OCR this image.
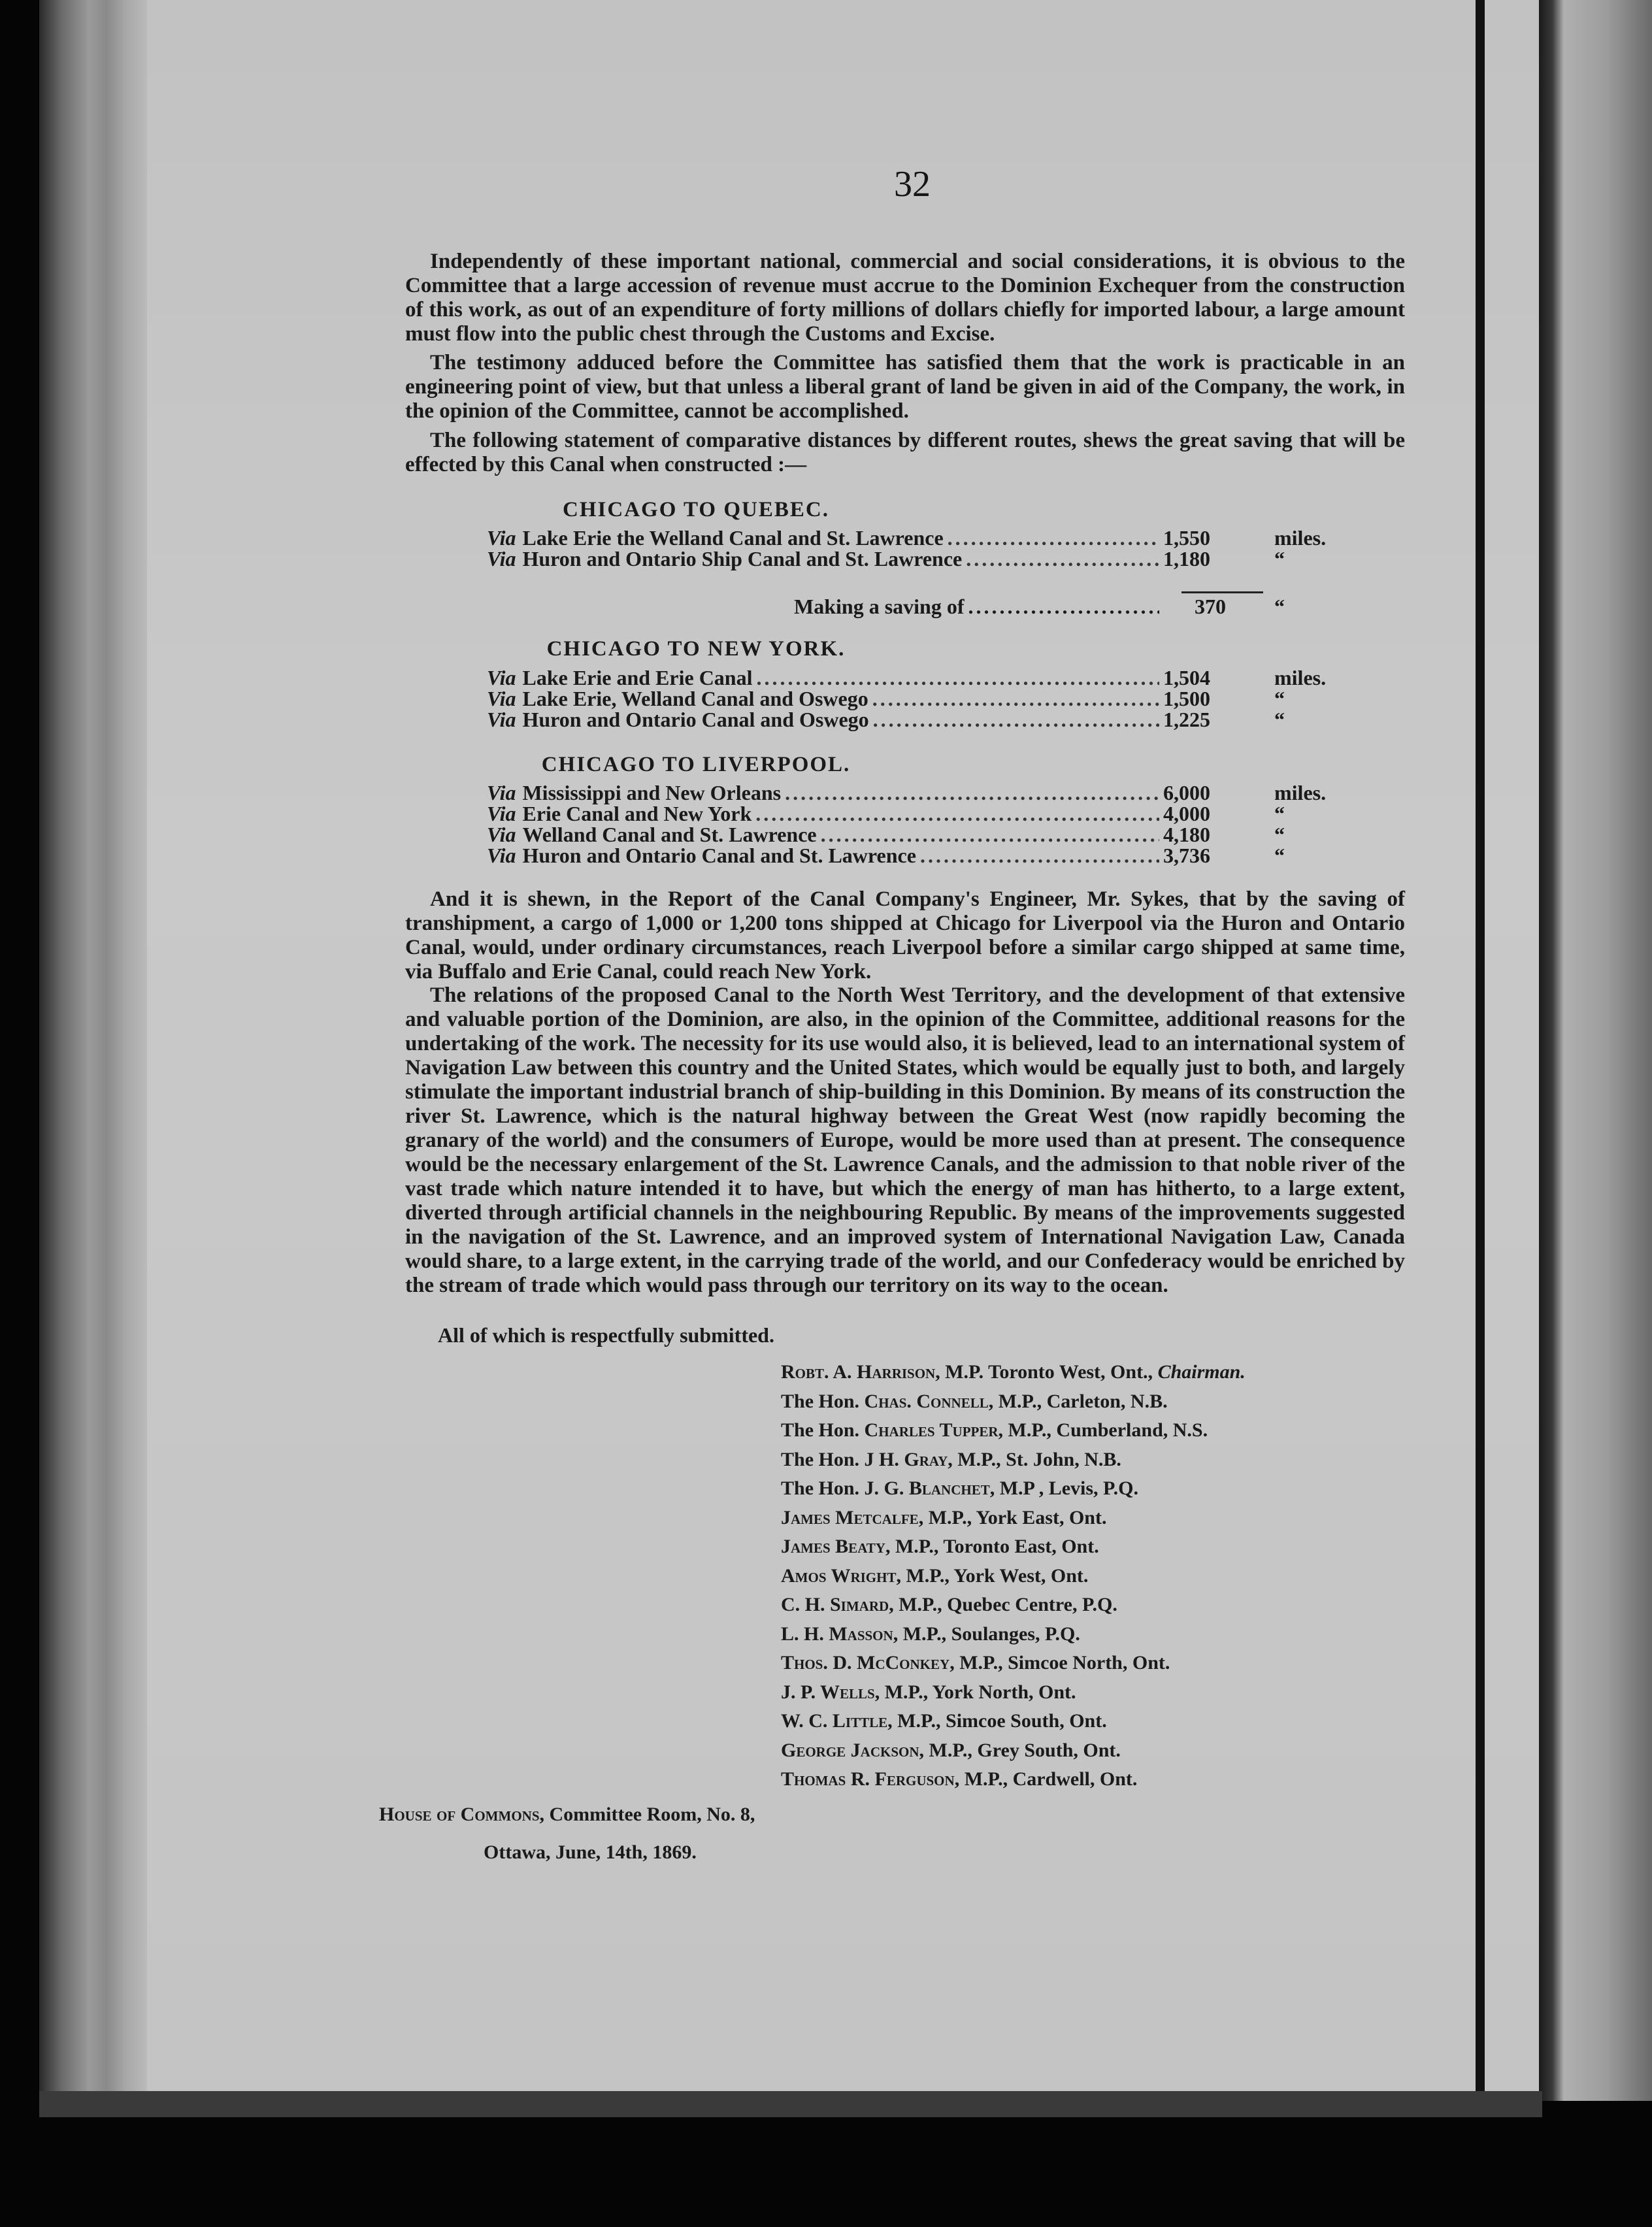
32
Independently of these important national, commercial and social considerations, it is obvious to the Committee that a large accession of revenue must accrue to the Dominion Exchequer from the construction of this work, as out of an expenditure of forty millions of dollars chiefly for imported labour, a large amount must flow into the public chest through the Customs and Excise.
The testimony adduced before the Committee has satisfied them that the work is practicable in an engineering point of view, but that unless a liberal grant of land be given in aid of the Company, the work, in the opinion of the Committee, cannot be accomplished.
The following statement of comparative distances by different routes, shews the great saving that will be effected by this Canal when constructed :—
CHICAGO TO QUEBEC.
Via Lake Erie the Welland Canal and St. Lawrence .....	1,550	miles.
Via Huron and Ontario Ship Canal and St. Lawrence .....	1,180	“
Making a saving of .....	370	“
CHICAGO TO NEW YORK.
Via Lake Erie and Erie Canal .....	1,504	miles.
Via Lake Erie, Welland Canal and Oswego .....	1,500	“
Via Huron and Ontario Canal and Oswego .....	1,225	“
CHICAGO TO LIVERPOOL.
Via Mississippi and New Orleans .....	6,000	miles.
Via Erie Canal and New York .....	4,000	“
Via Welland Canal and St. Lawrence .....	4,180	“
Via Huron and Ontario Canal and St. Lawrence .....	3,736	“
And it is shewn, in the Report of the Canal Company's Engineer, Mr. Sykes, that by the saving of transhipment, a cargo of 1,000 or 1,200 tons shipped at Chicago for Liverpool via the Huron and Ontario Canal, would, under ordinary circumstances, reach Liverpool before a similar cargo shipped at same time, via Buffalo and Erie Canal, could reach New York.
The relations of the proposed Canal to the North West Territory, and the development of that extensive and valuable portion of the Dominion, are also, in the opinion of the Committee, additional reasons for the undertaking of the work. The necessity for its use would also, it is believed, lead to an international system of Navigation Law between this country and the United States, which would be equally just to both, and largely stimulate the important industrial branch of ship-building in this Dominion. By means of its construction the river St. Lawrence, which is the natural highway between the Great West (now rapidly becoming the granary of the world) and the consumers of Europe, would be more used than at present. The consequence would be the necessary enlargement of the St. Lawrence Canals, and the admission to that noble river of the vast trade which nature intended it to have, but which the energy of man has hitherto, to a large extent, diverted through artificial channels in the neighbouring Republic. By means of the improvements suggested in the navigation of the St. Lawrence, and an improved system of International Navigation Law, Canada would share, to a large extent, in the carrying trade of the world, and our Confederacy would be enriched by the stream of trade which would pass through our territory on its way to the ocean.
All of which is respectfully submitted.
Robt. A. Harrison, M.P. Toronto West, Ont., Chairman.
The Hon. Chas. Connell, M.P., Carleton, N.B.
The Hon. Charles Tupper, M.P., Cumberland, N.S.
The Hon. J H. Gray, M.P., St. John, N.B.
The Hon. J. G. Blanchet, M.P , Levis, P.Q.
James Metcalfe, M.P., York East, Ont.
James Beaty, M.P., Toronto East, Ont.
Amos Wright, M.P., York West, Ont.
C. H. Simard, M.P., Quebec Centre, P.Q.
L. H. Masson, M.P., Soulanges, P.Q.
Thos. D. McConkey, M.P., Simcoe North, Ont.
J. P. Wells, M.P., York North, Ont.
W. C. Little, M.P., Simcoe South, Ont.
George Jackson, M.P., Grey South, Ont.
Thomas R. Ferguson, M.P., Cardwell, Ont.
House of Commons, Committee Room, No. 8,
Ottawa, June, 14th, 1869.
